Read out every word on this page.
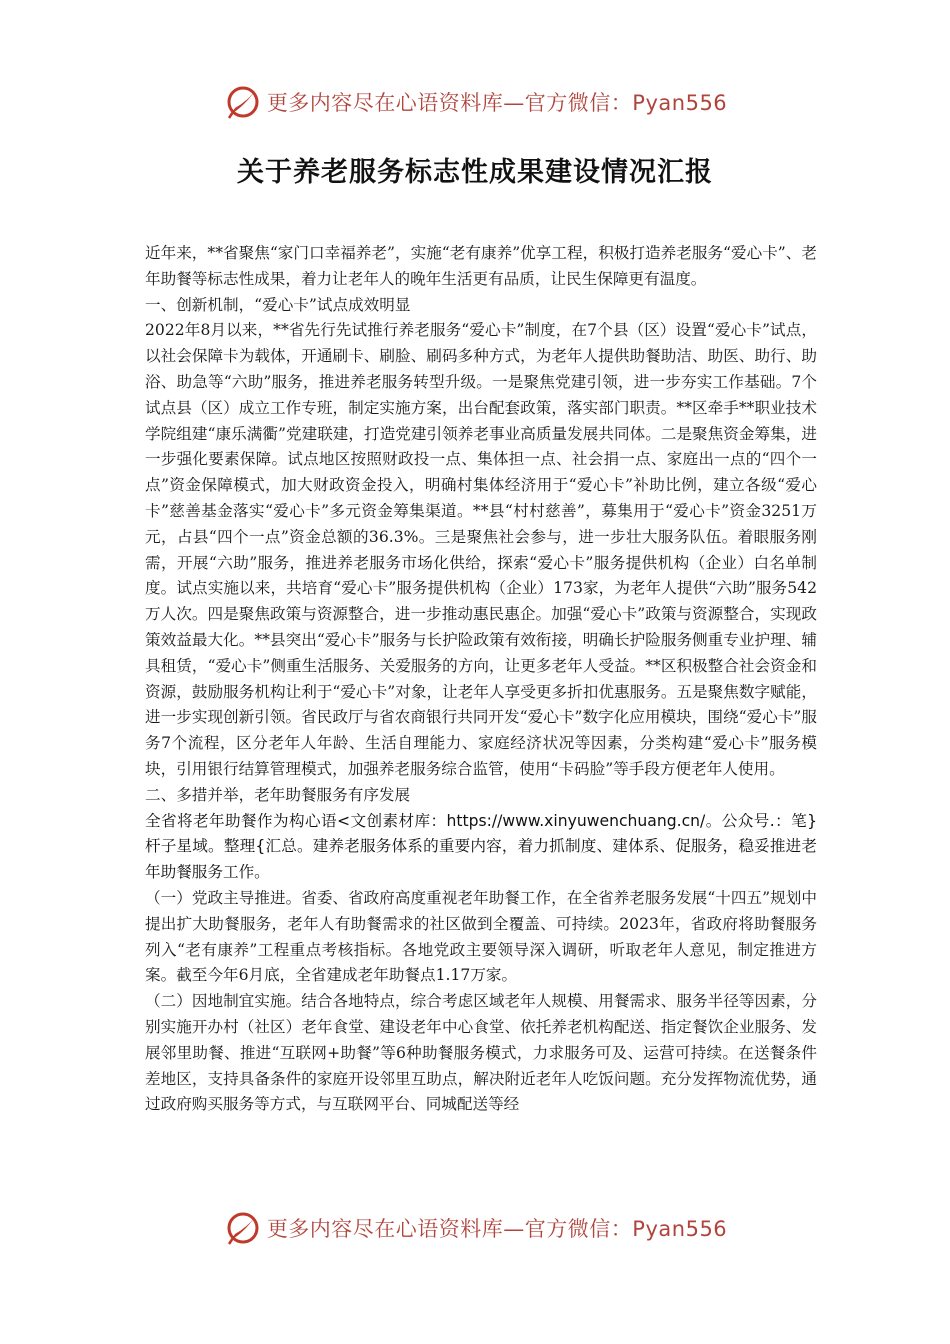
更多内容尽在心语资料库—官方微信：Pyan556
关于养老服务标志性成果建设情况汇报

近年来，**省聚焦“家门口幸福养老”，实施“老有康养”优享工程，积极打造养老服务“爱心卡”、老年助餐等标志性成果，着力让老年人的晚年生活更有品质，让民生保障更有温度。

一、创新机制，“爱心卡”试点成效明显

2022年8月以来，**省先行先试推行养老服务“爱心卡”制度，在7个县（区）设置“爱心卡”试点，以社会保障卡为载体，开通刷卡、刷脸、刷码多种方式，为老年人提供助餐助洁、助医、助行、助浴、助急等“六助”服务，推进养老服务转型升级。一是聚焦党建引领，进一步夯实工作基础。7个试点县（区）成立工作专班，制定实施方案，出台配套政策，落实部门职责。**区牵手**职业技术学院组建“康乐满衢”党建联建，打造党建引领养老事业高质量发展共同体。二是聚焦资金筹集，进一步强化要素保障。试点地区按照财政投一点、集体担一点、社会捐一点、家庭出一点的“四个一点”资金保障模式，加大财政资金投入，明确村集体经济用于“爱心卡”补助比例，建立各级“爱心卡”慈善基金落实“爱心卡”多元资金筹集渠道。**县“村村慈善”，募集用于“爱心卡”资金3251万元，占县“四个一点”资金总额的36.3%。三是聚焦社会参与，进一步壮大服务队伍。着眼服务刚需，开展“六助”服务，推进养老服务市场化供给，探索“爱心卡”服务提供机构（企业）白名单制度。试点实施以来，共培育“爱心卡”服务提供机构（企业）173家，为老年人提供“六助”服务542万人次。四是聚焦政策与资源整合，进一步推动惠民惠企。加强“爱心卡”政策与资源整合，实现政策效益最大化。**县突出“爱心卡”服务与长护险政策有效衔接，明确长护险服务侧重专业护理、辅具租赁，“爱心卡”侧重生活服务、关爱服务的方向，让更多老年人受益。**区积极整合社会资金和资源，鼓励服务机构让利于“爱心卡”对象，让老年人享受更多折扣优惠服务。五是聚焦数字赋能，进一步实现创新引领。省民政厅与省农商银行共同开发“爱心卡”数字化应用模块，围绕“爱心卡”服务7个流程，区分老年人年龄、生活自理能力、家庭经济状况等因素，分类构建“爱心卡”服务模块，引用银行结算管理模式，加强养老服务综合监管，使用“卡码脸”等手段方便老年人使用。

二、多措并举，老年助餐服务有序发展

全省将老年助餐作为构心语<文创素材库：https://www.xinyuwenchuang.cn/。公众号.：笔}杆子星域。整理{汇总。建养老服务体系的重要内容，着力抓制度、建体系、促服务，稳妥推进老年助餐服务工作。

（一）党政主导推进。省委、省政府高度重视老年助餐工作，在全省养老服务发展“十四五”规划中提出扩大助餐服务，老年人有助餐需求的社区做到全覆盖、可持续。2023年，省政府将助餐服务列入“老有康养”工程重点考核指标。各地党政主要领导深入调研，听取老年人意见，制定推进方案。截至今年6月底，全省建成老年助餐点1.17万家。

（二）因地制宜实施。结合各地特点，综合考虑区域老年人规模、用餐需求、服务半径等因素，分别实施开办村（社区）老年食堂、建设老年中心食堂、依托养老机构配送、指定餐饮企业服务、发展邻里助餐、推进“互联网+助餐”等6种助餐服务模式，力求服务可及、运营可持续。在送餐条件差地区，支持具备条件的家庭开设邻里互助点，解决附近老年人吃饭问题。充分发挥物流优势，通过政府购买服务等方式，与互联网平台、同城配送等经

更多内容尽在心语资料库—官方微信：Pyan556
